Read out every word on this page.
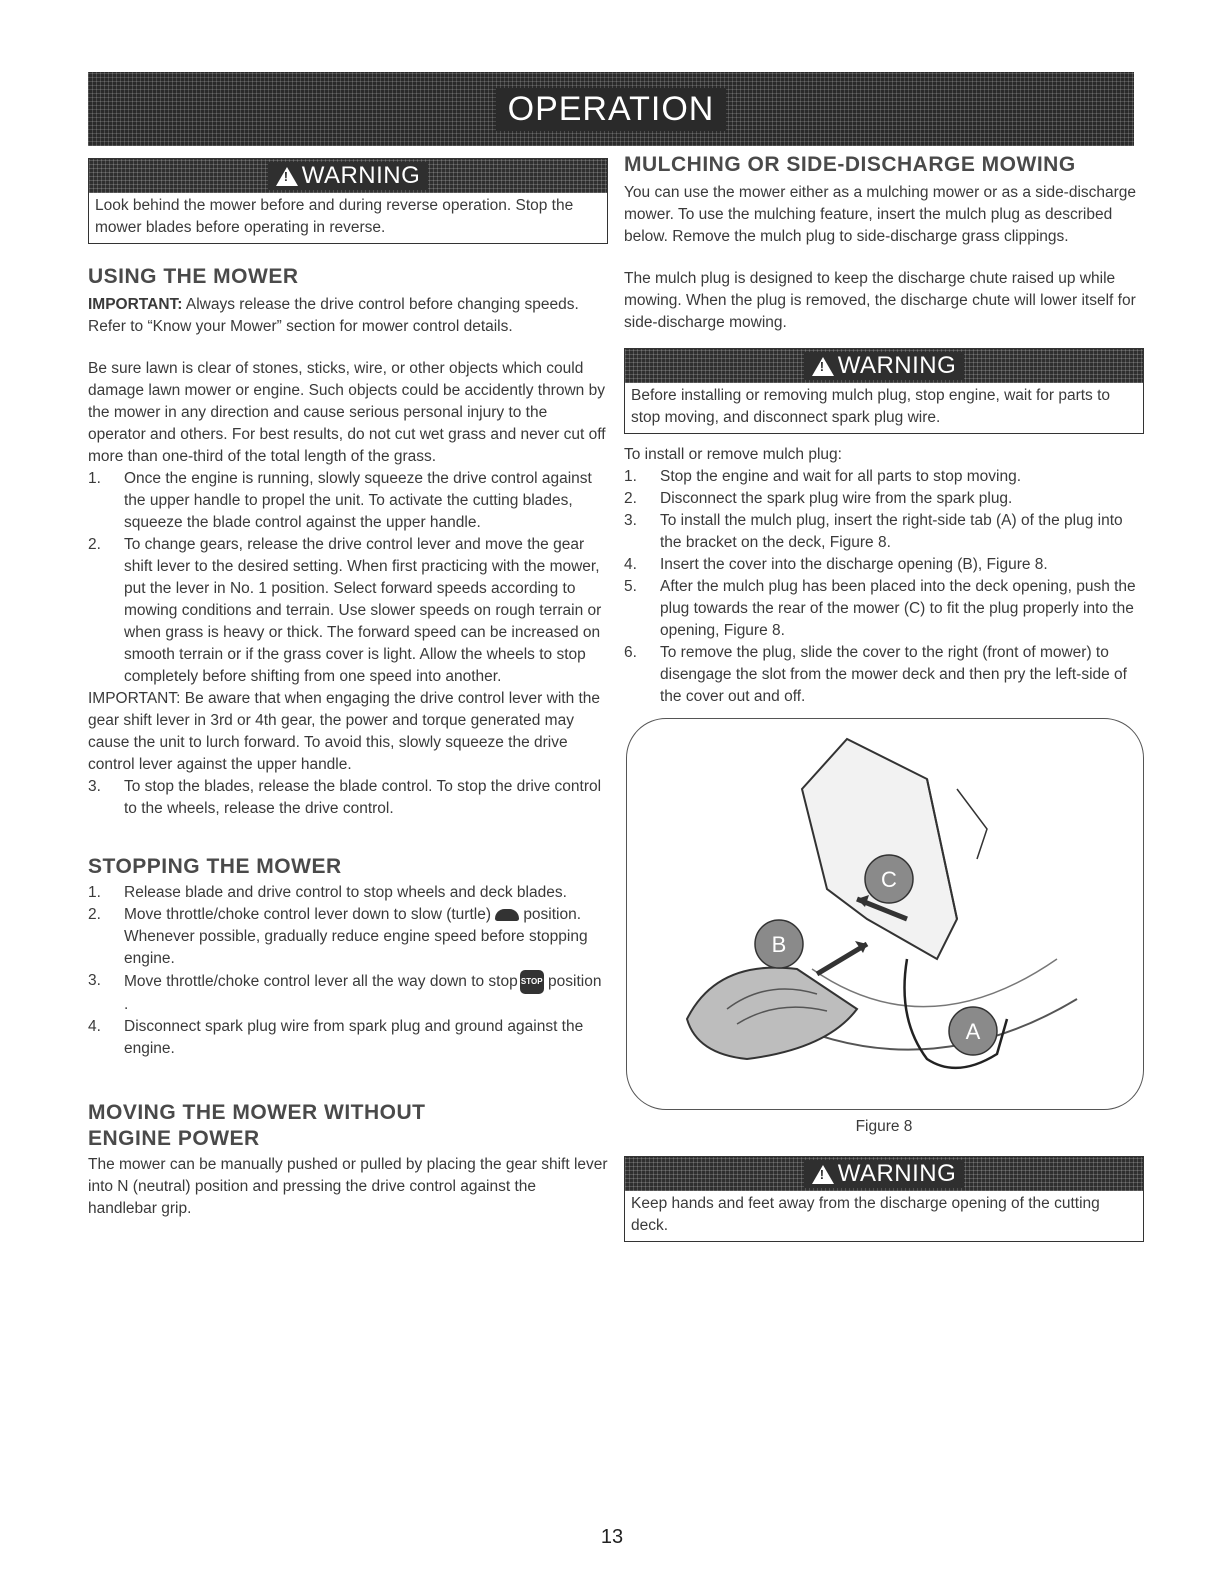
OPERATION
!
WARNING
Look behind the mower before and during reverse operation. Stop the mower blades before operating in reverse.
USING THE MOWER

IMPORTANT: Always release the drive control before changing speeds. Refer to “Know your Mower” section for mower control details.

Be sure lawn is clear of stones, sticks, wire, or other objects which could damage lawn mower or engine. Such objects could be accidently thrown by the mower in any direction and cause serious personal injury to the operator and others. For best results, do not cut wet grass and never cut off more than one-third of the total length of the grass.

1. Once the engine is running, slowly squeeze the drive control against the upper handle to propel the unit. To activate the cutting blades, squeeze the blade control against the upper handle.
2. To change gears, release the drive control lever and move the gear shift lever to the desired setting. When first practicing with the mower, put the lever in No. 1 position. Select forward speeds according to mowing conditions and terrain. Use slower speeds on rough terrain or when grass is heavy or thick. The forward speed can be increased on smooth terrain or if the grass cover is light. Allow the wheels to stop completely before shifting from one speed into another.

IMPORTANT: Be aware that when engaging the drive control lever with the gear shift lever in 3rd or 4th gear, the power and torque generated may cause the unit to lurch forward. To avoid this, slowly squeeze the drive control lever against the upper handle.

3. To stop the blades, release the blade control. To stop the drive control to the wheels, release the drive control.
STOPPING THE MOWER
1. Release blade and drive control to stop wheels and deck blades.
2. Move throttle/choke control lever down to slow (turtle) position. Whenever possible, gradually reduce engine speed before stopping engine.
3. Move throttle/choke control lever all the way down to stop STOP position .
4. Disconnect spark plug wire from spark plug and ground against the engine.
MOVING THE MOWER WITHOUT
ENGINE POWER

The mower can be manually pushed or pulled by placing the gear shift lever into N (neutral) position and pressing the drive control against the handlebar grip.

MULCHING OR SIDE-DISCHARGE MOWING

You can use the mower either as a mulching mower or as a side-discharge mower. To use the mulching feature, insert the mulch plug as described below. Remove the mulch plug to side-discharge grass clippings.

The mulch plug is designed to keep the discharge chute raised up while mowing. When the plug is removed, the discharge chute will lower itself for side-discharge mowing.

!
WARNING
Before installing or removing mulch plug, stop engine, wait for parts to stop moving, and disconnect spark plug wire.

To install or remove mulch plug:

1. Stop the engine and wait for all parts to stop moving.
2. Disconnect the spark plug wire from the spark plug.
3. To install the mulch plug, insert the right-side tab (A) of the plug into the bracket on the deck, Figure 8.
4. Insert the cover into the discharge opening (B), Figure 8.
5. After the mulch plug has been placed into the deck opening, push the plug towards the rear of the mower (C) to fit the plug properly into the opening, Figure 8.
6. To remove the plug, slide the cover to the right (front of mower) to disengage the slot from the mower deck and then pry the left-side of the cover out and off.
B
C
A
Figure 8
!
WARNING
Keep hands and feet away from the discharge opening of the cutting deck.
13
